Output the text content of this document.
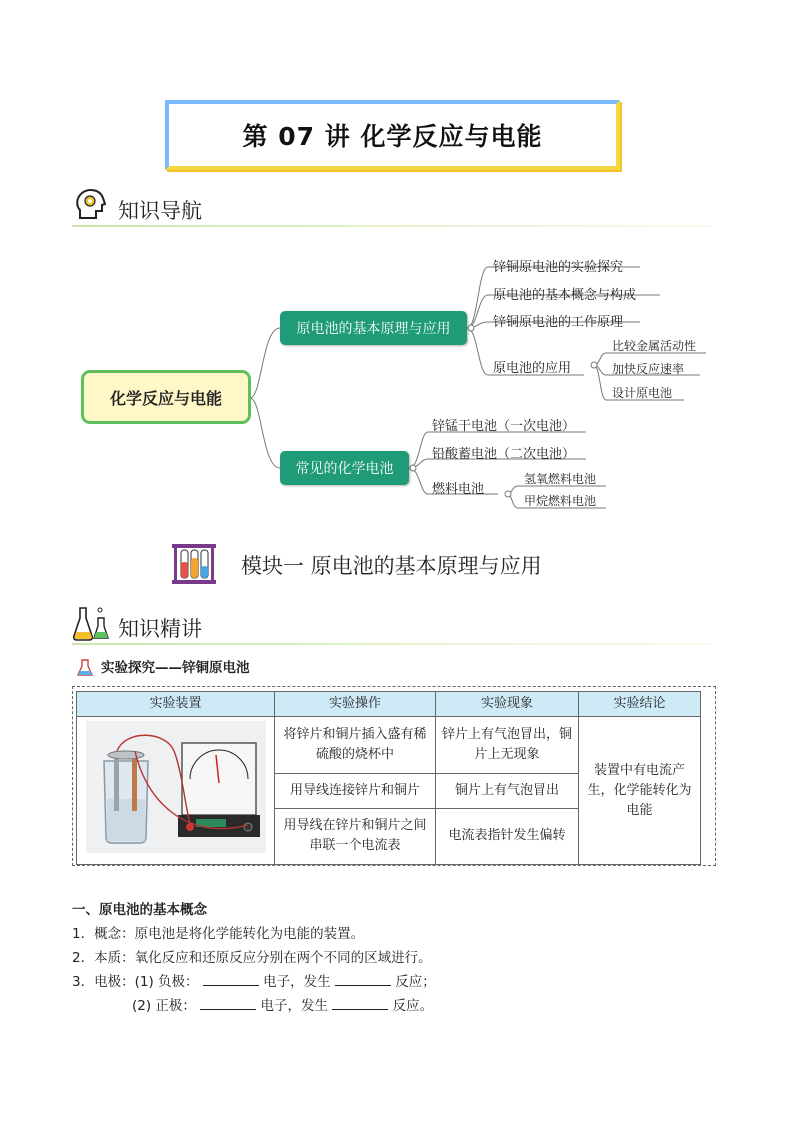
第 07 讲 化学反应与电能
知识导航
化学反应与电能
原电池的基本原理与应用
常见的化学电池
锌铜原电池的实验探究
原电池的基本概念与构成
锌铜原电池的工作原理
原电池的应用
比较金属活动性
加快反应速率
设计原电池
锌锰干电池（一次电池）
铅酸蓄电池（二次电池）
燃料电池
氢氧燃料电池
甲烷燃料电池
模块一 原电池的基本原理与应用
知识精讲
实验探究——锌铜原电池
实验装置	实验操作	实验现象	实验结论
	将锌片和铜片插入盛有稀硫酸的烧杯中	锌片上有气泡冒出，铜片上无现象	装置中有电流产生，化学能转化为电能
	用导线连接锌片和铜片	铜片上有气泡冒出	
	用导线在锌片和铜片之间串联一个电流表	电流表指针发生偏转	
一、原电池的基本概念
1．概念：原电池是将化学能转化为电能的装置。
2．本质：氧化反应和还原反应分别在两个不同的区域进行。
3．电极：(1) 负极：	电子，发生	反应；
(2) 正极：	电子，发生	反应。
